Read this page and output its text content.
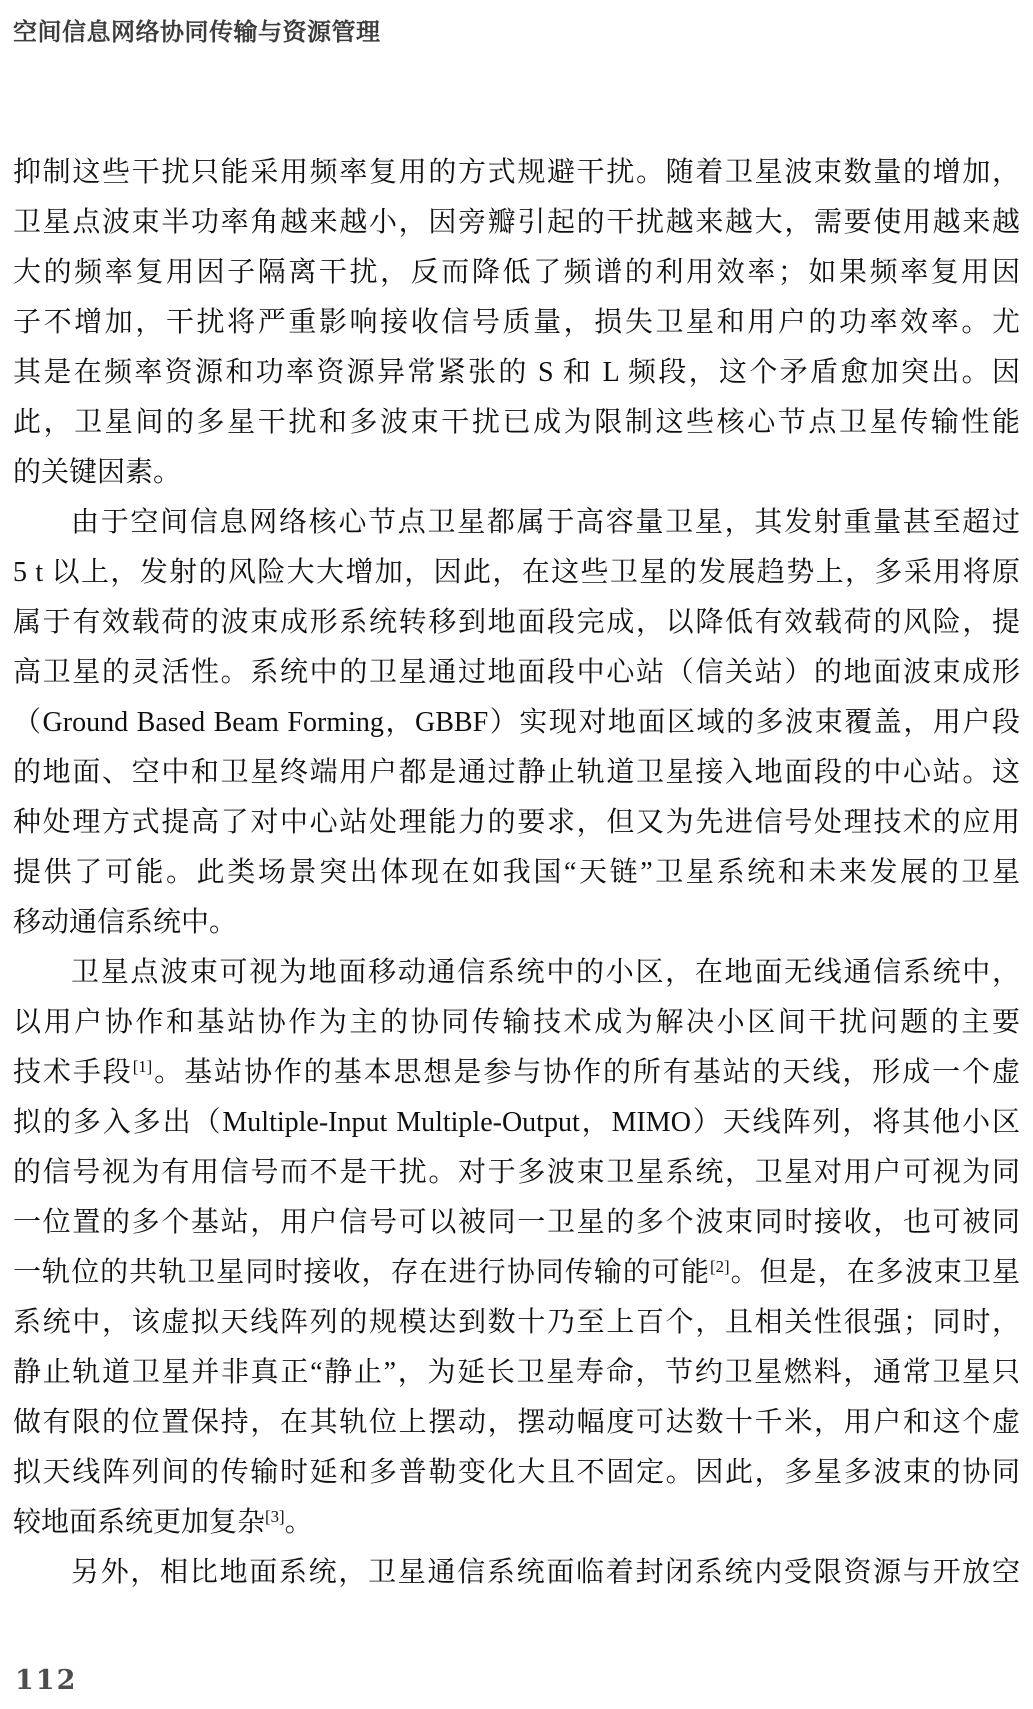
空间信息网络协同传输与资源管理
抑制这些干扰只能采用频率复用的方式规避干扰。随着卫星波束数量的增加，
卫星点波束半功率角越来越小，因旁瓣引起的干扰越来越大，需要使用越来越
大的频率复用因子隔离干扰，反而降低了频谱的利用效率；如果频率复用因
子不增加，干扰将严重影响接收信号质量，损失卫星和用户的功率效率。尤
其是在频率资源和功率资源异常紧张的 S 和 L 频段，这个矛盾愈加突出。因
此，卫星间的多星干扰和多波束干扰已成为限制这些核心节点卫星传输性能
的关键因素。
由于空间信息网络核心节点卫星都属于高容量卫星，其发射重量甚至超过
5 t 以上，发射的风险大大增加，因此，在这些卫星的发展趋势上，多采用将原
属于有效载荷的波束成形系统转移到地面段完成，以降低有效载荷的风险，提
高卫星的灵活性。系统中的卫星通过地面段中心站（信关站）的地面波束成形
（Ground Based Beam Forming，GBBF）实现对地面区域的多波束覆盖，用户段
的地面、空中和卫星终端用户都是通过静止轨道卫星接入地面段的中心站。这
种处理方式提高了对中心站处理能力的要求，但又为先进信号处理技术的应用
提供了可能。此类场景突出体现在如我国“天链”卫星系统和未来发展的卫星
移动通信系统中。
卫星点波束可视为地面移动通信系统中的小区，在地面无线通信系统中，
以用户协作和基站协作为主的协同传输技术成为解决小区间干扰问题的主要
技术手段[1]。基站协作的基本思想是参与协作的所有基站的天线，形成一个虚
拟的多入多出（Multiple-Input Multiple-Output，MIMO）天线阵列，将其他小区
的信号视为有用信号而不是干扰。对于多波束卫星系统，卫星对用户可视为同
一位置的多个基站，用户信号可以被同一卫星的多个波束同时接收，也可被同
一轨位的共轨卫星同时接收，存在进行协同传输的可能[2]。但是，在多波束卫星
系统中，该虚拟天线阵列的规模达到数十乃至上百个，且相关性很强；同时，
静止轨道卫星并非真正“静止”，为延长卫星寿命，节约卫星燃料，通常卫星只
做有限的位置保持，在其轨位上摆动，摆动幅度可达数十千米，用户和这个虚
拟天线阵列间的传输时延和多普勒变化大且不固定。因此，多星多波束的协同
较地面系统更加复杂[3]。
另外，相比地面系统，卫星通信系统面临着封闭系统内受限资源与开放空
112
